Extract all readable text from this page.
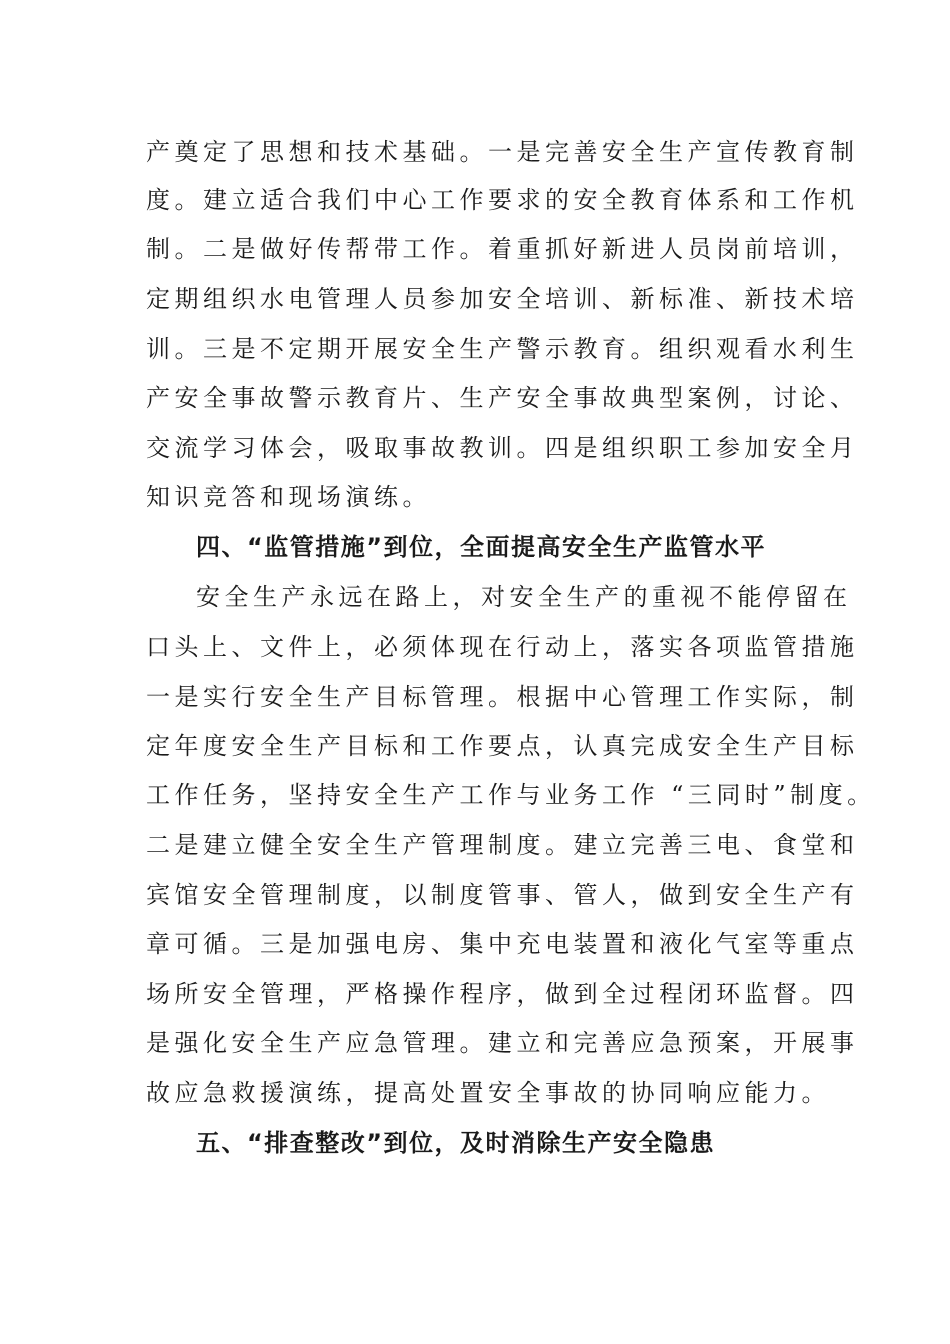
产奠定了思想和技术基础。一是完善安全生产宣传教育制
度。建立适合我们中心工作要求的安全教育体系和工作机
制。二是做好传帮带工作。着重抓好新进人员岗前培训，
定期组织水电管理人员参加安全培训、新标准、新技术培
训。三是不定期开展安全生产警示教育。组织观看水利生
产安全事故警示教育片、生产安全事故典型案例，讨论、
交流学习体会，吸取事故教训。四是组织职工参加安全月
知识竞答和现场演练。
四、“监管措施”到位，全面提高安全生产监管水平
安全生产永远在路上，对安全生产的重视不能停留在
口头上、文件上，必须体现在行动上，落实各项监管措施
一是实行安全生产目标管理。根据中心管理工作实际，制
定年度安全生产目标和工作要点，认真完成安全生产目标
工作任务，坚持安全生产工作与业务工作 “三同时”制度。
二是建立健全安全生产管理制度。建立完善三电、食堂和
宾馆安全管理制度，以制度管事、管人，做到安全生产有
章可循。三是加强电房、集中充电装置和液化气室等重点
场所安全管理，严格操作程序，做到全过程闭环监督。四
是强化安全生产应急管理。建立和完善应急预案，开展事
故应急救援演练，提高处置安全事故的协同响应能力。
五、“排查整改”到位，及时消除生产安全隐患
